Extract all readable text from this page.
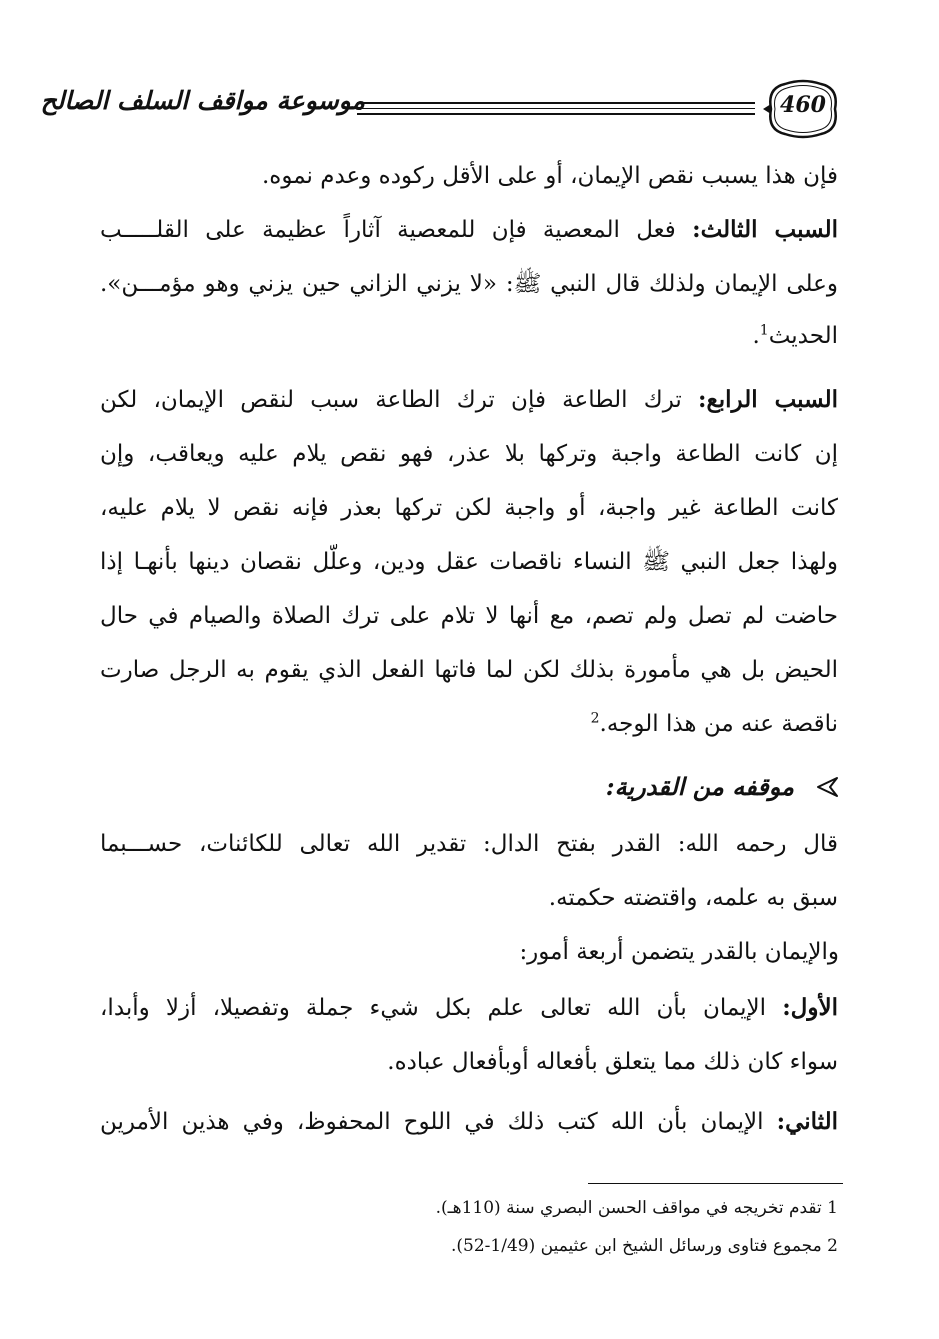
موسوعة مواقف السلف الصالح	460
فإن هذا يسبب نقص الإيمان، أو على الأقل ركوده وعدم نموه.
السبب الثالث: فعل المعصية فإن للمعصية آثاراً عظيمة على القلـــــب
وعلى الإيمان ولذلك قال النبي ﷺ: «لا يزني الزاني حين يزني وهو مؤمـــن».
الحديث$^1$.
السبب الرابع: ترك الطاعة فإن ترك الطاعة سبب لنقص الإيمان، لكن
إن كانت الطاعة واجبة وتركها بلا عذر، فهو نقص يلام عليه ويعاقب، وإن
كانت الطاعة غير واجبة، أو واجبة لكن تركها بعذر فإنه نقص لا يلام عليه،
ولهذا جعل النبي ﷺ النساء ناقصات عقل ودين، وعلّل نقصان دينها بأنهـا إذا
حاضت لم تصل ولم تصم، مع أنها لا تلام على ترك الصلاة والصيام في حال
الحيض بل هي مأمورة بذلك لكن لما فاتها الفعل الذي يقوم به الرجل صارت
ناقصة عنه من هذا الوجه.$^2$
موقفه من القدرية:
قال رحمه الله: القدر بفتح الدال: تقدير الله تعالى للكائنات، حســـبما
سبق به علمه، واقتضته حكمته.
والإيمان بالقدر يتضمن أربعة أمور:
الأول: الإيمان بأن الله تعالى علم بكل شيء جملة وتفصيلا، أزلا وأبدا،
سواء كان ذلك مما يتعلق بأفعاله أوبأفعال عباده.
الثاني: الإيمان بأن الله كتب ذلك في اللوح المحفوظ، وفي هذين الأمرين
1 تقدم تخريجه في مواقف الحسن البصري سنة (110هـ).
2 مجموع فتاوى ورسائل الشيخ ابن عثيمين (1/49-52).
